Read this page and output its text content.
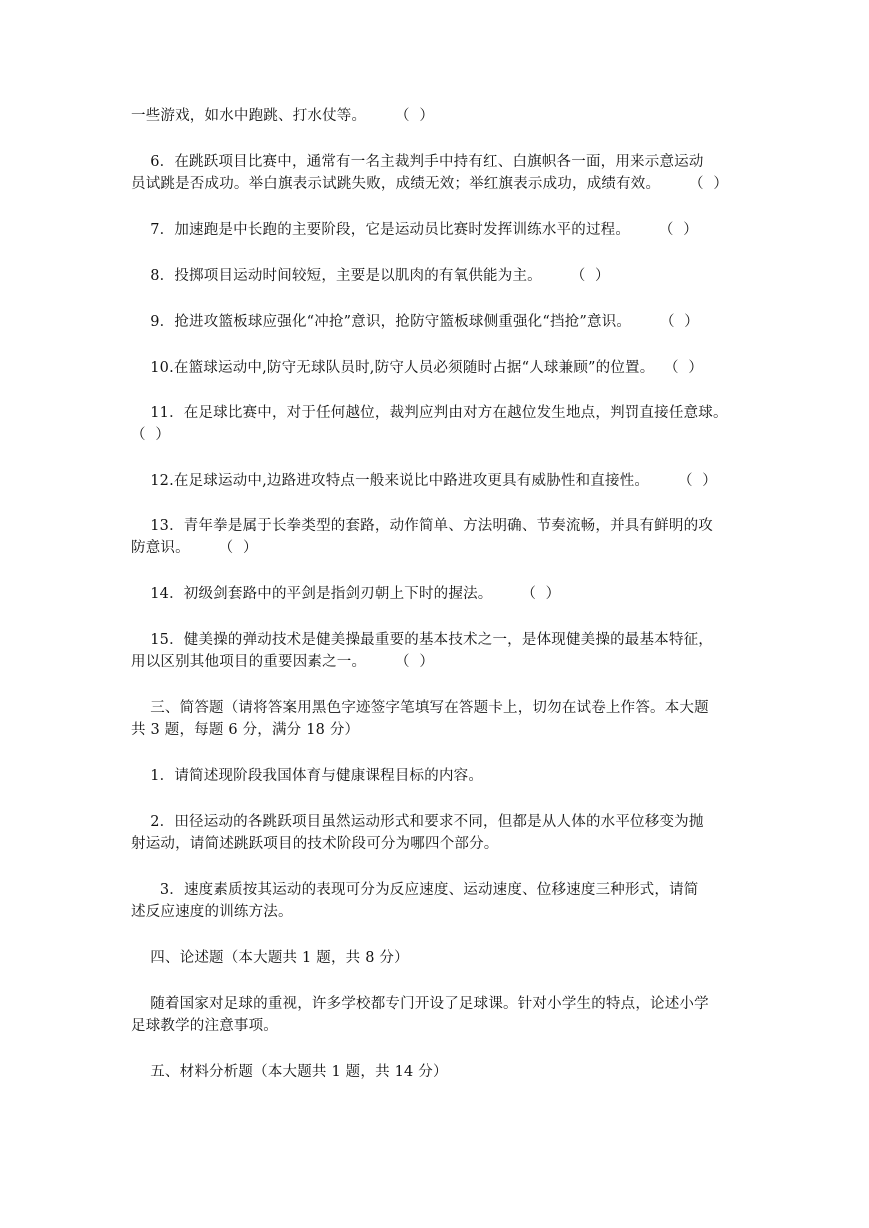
一些游戏，如水中跑跳、打水仗等。      （  ）
6．在跳跃项目比赛中，通常有一名主裁判手中持有红、白旗帜各一面，用来示意运动
员试跳是否成功。举白旗表示试跳失败，成绩无效；举红旗表示成功，成绩有效。      （  ）
7．加速跑是中长跑的主要阶段，它是运动员比赛时发挥训练水平的过程。      （  ）
8．投掷项目运动时间较短，主要是以肌肉的有氧供能为主。      （  ）
9．抢进攻篮板球应强化“冲抢”意识，抢防守篮板球侧重强化“挡抢”意识。      （  ）
10.在篮球运动中,防守无球队员时,防守人员必须随时占据“人球兼顾”的位置。  （  ）
11．在足球比赛中，对于任何越位，裁判应判由对方在越位发生地点，判罚直接任意球。
（  ）
12.在足球运动中,边路进攻特点一般来说比中路进攻更具有威胁性和直接性。      （  ）
13．青年拳是属于长拳类型的套路，动作简单、方法明确、节奏流畅，并具有鲜明的攻
防意识。      （  ）
14．初级剑套路中的平剑是指剑刃朝上下时的握法。      （  ）
15．健美操的弹动技术是健美操最重要的基本技术之一，是体现健美操的最基本特征，
用以区别其他项目的重要因素之一。      （  ）
三、简答题（请将答案用黑色字迹签字笔填写在答题卡上，切勿在试卷上作答。本大题
共 3 题，每题 6 分，满分 18 分）
1．请简述现阶段我国体育与健康课程目标的内容。
2．田径运动的各跳跃项目虽然运动形式和要求不同，但都是从人体的水平位移变为抛
射运动，请简述跳跃项目的技术阶段可分为哪四个部分。
3．速度素质按其运动的表现可分为反应速度、运动速度、位移速度三种形式，请简
述反应速度的训练方法。
四、论述题（本大题共 1 题，共 8 分）
随着国家对足球的重视，许多学校都专门开设了足球课。针对小学生的特点，论述小学
足球教学的注意事项。
五、材料分析题（本大题共 1 题，共 14 分）
